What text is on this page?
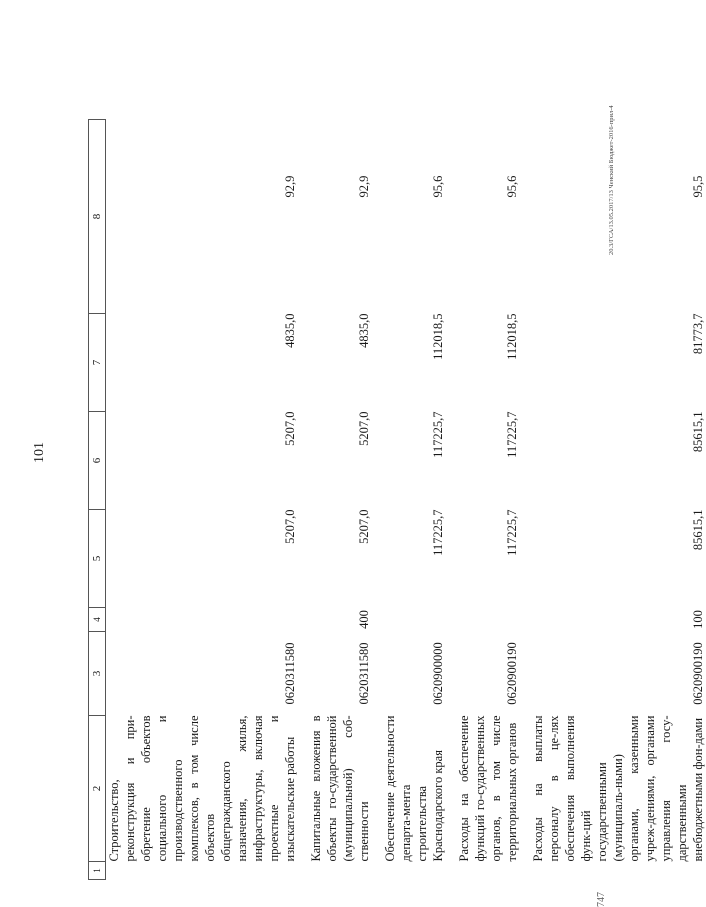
101
1	2	3	4	5	6	7	8
	Строительство, реконструкция и при-обретение объектов социального и производственного комплексов, в том числе объектов общегражданского назначения, жилья, инфраструктуры, включая проектные и изыскательские работы	0620311580		5207,0	5207,0	4835,0	92,9

	Капитальные вложения в объекты го-сударственной (муниципальной) соб-ственности	0620311580	400	5207,0	5207,0	4835,0	92,9

	Обеспечение деятельности департа-мента строительства Краснодарского края	0620900000		117225,7	117225,7	112018,5	95,6

	Расходы на обеспечение функций го-сударственных органов, в том числе территориальных органов	0620900190		117225,7	117225,7	112018,5	95,6

	Расходы на выплаты персоналу в це-лях обеспечения выполнения функ-ций государственными (муниципаль-ными) органами, казенными учреж-дениями, органами управления госу-дарственными внебюджетными фон-дами	0620900190	100	85615,1	85615,1	81773,7	95,5
20.3/ГСА/13.05.2017/13 Ченский Бюджет-2016-прил-4
747
